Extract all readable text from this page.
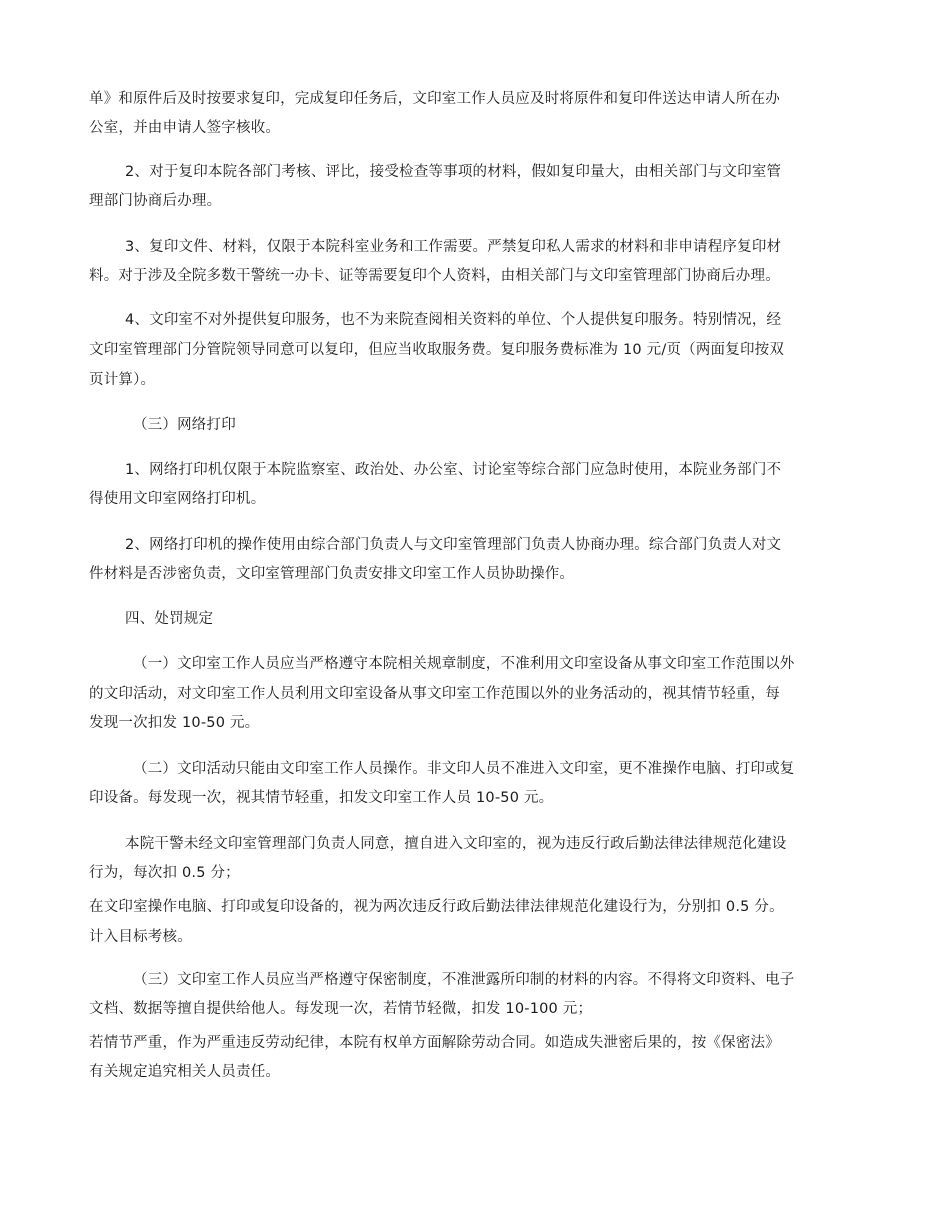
单》和原件后及时按要求复印，完成复印任务后，文印室工作人员应及时将原件和复印件送达申请人所在办
公室，并由申请人签字核收。
2、对于复印本院各部门考核、评比，接受检查等事项的材料，假如复印量大，由相关部门与文印室管
理部门协商后办理。
3、复印文件、材料，仅限于本院科室业务和工作需要。严禁复印私人需求的材料和非申请程序复印材
料。对于涉及全院多数干警统一办卡、证等需要复印个人资料，由相关部门与文印室管理部门协商后办理。
4、文印室不对外提供复印服务，也不为来院查阅相关资料的单位、个人提供复印服务。特别情况，经
文印室管理部门分管院领导同意可以复印，但应当收取服务费。复印服务费标准为 10 元/页（两面复印按双
页计算）。
（三）网络打印
1、网络打印机仅限于本院监察室、政治处、办公室、讨论室等综合部门应急时使用，本院业务部门不
得使用文印室网络打印机。
2、网络打印机的操作使用由综合部门负责人与文印室管理部门负责人协商办理。综合部门负责人对文
件材料是否涉密负责，文印室管理部门负责安排文印室工作人员协助操作。
四、处罚规定
（一）文印室工作人员应当严格遵守本院相关规章制度，不准利用文印室设备从事文印室工作范围以外
的文印活动，对文印室工作人员利用文印室设备从事文印室工作范围以外的业务活动的，视其情节轻重，每
发现一次扣发 10-50 元。
（二）文印活动只能由文印室工作人员操作。非文印人员不准进入文印室，更不准操作电脑、打印或复
印设备。每发现一次，视其情节轻重，扣发文印室工作人员 10-50 元。
本院干警未经文印室管理部门负责人同意，擅自进入文印室的，视为违反行政后勤法律法律规范化建设
行为，每次扣 0.5 分；
在文印室操作电脑、打印或复印设备的，视为两次违反行政后勤法律法律规范化建设行为，分别扣 0.5 分。
计入目标考核。
（三）文印室工作人员应当严格遵守保密制度，不准泄露所印制的材料的内容。不得将文印资料、电子
文档、数据等擅自提供给他人。每发现一次，若情节轻微，扣发 10-100 元；
若情节严重，作为严重违反劳动纪律，本院有权单方面解除劳动合同。如造成失泄密后果的，按《保密法》
有关规定追究相关人员责任。
